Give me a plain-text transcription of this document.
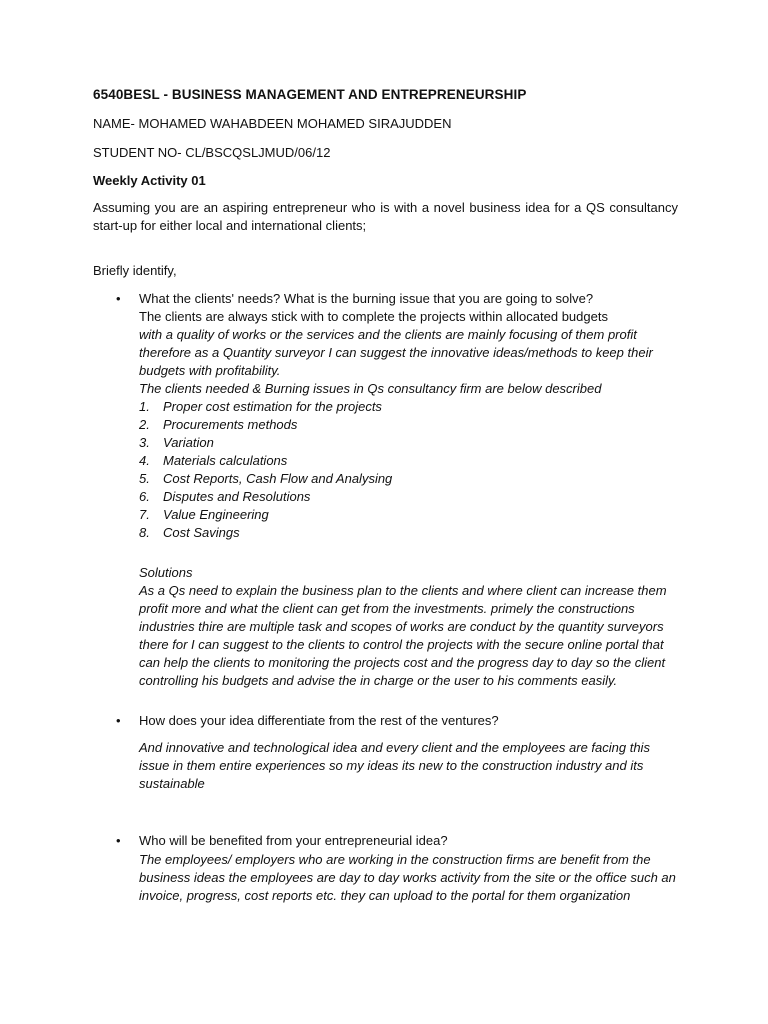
6540BESL - BUSINESS MANAGEMENT AND ENTREPRENEURSHIP
NAME- MOHAMED WAHABDEEN MOHAMED SIRAJUDDEN
STUDENT NO- CL/BSCQSLJMUD/06/12
Weekly Activity 01
Assuming you are an aspiring entrepreneur who is with a novel business idea for a QS consultancy start-up for either local and international clients;
Briefly identify,
•	What the clients' needs? What is the burning issue that you are going to solve?
The clients are always stick with to complete the projects within allocated budgets
with a quality of works or the services and the clients are mainly focusing of them profit therefore as a Quantity surveyor I can suggest the innovative ideas/methods to keep their budgets with profitability.
The clients needed & Burning issues in Qs consultancy firm are below described
1. Proper cost estimation for the projects
2. Procurements methods
3. Variation
4. Materials calculations
5. Cost Reports, Cash Flow and Analysing
6. Disputes and Resolutions
7. Value Engineering
8. Cost Savings
Solutions
As a Qs need to explain the business plan to the clients and where client can increase them profit more and what the client can get from the investments. primely the constructions industries thire are multiple task and scopes of works are conduct by the quantity surveyors there for I can suggest to the clients to control the projects with the secure online portal that can help the clients to monitoring the projects cost and the progress day to day so the client controlling his budgets and advise the in charge or the user to his comments easily.
•	How does your idea differentiate from the rest of the ventures?
And innovative and technological idea and every client and the employees are facing this issue in them entire experiences so my ideas its new to the construction industry and its sustainable
•	Who will be benefited from your entrepreneurial idea?
The employees/ employers who are working in the construction firms are benefit from the business ideas the employees are day to day works activity from the site or the office such an invoice, progress, cost reports etc. they can upload to the portal for them organization
